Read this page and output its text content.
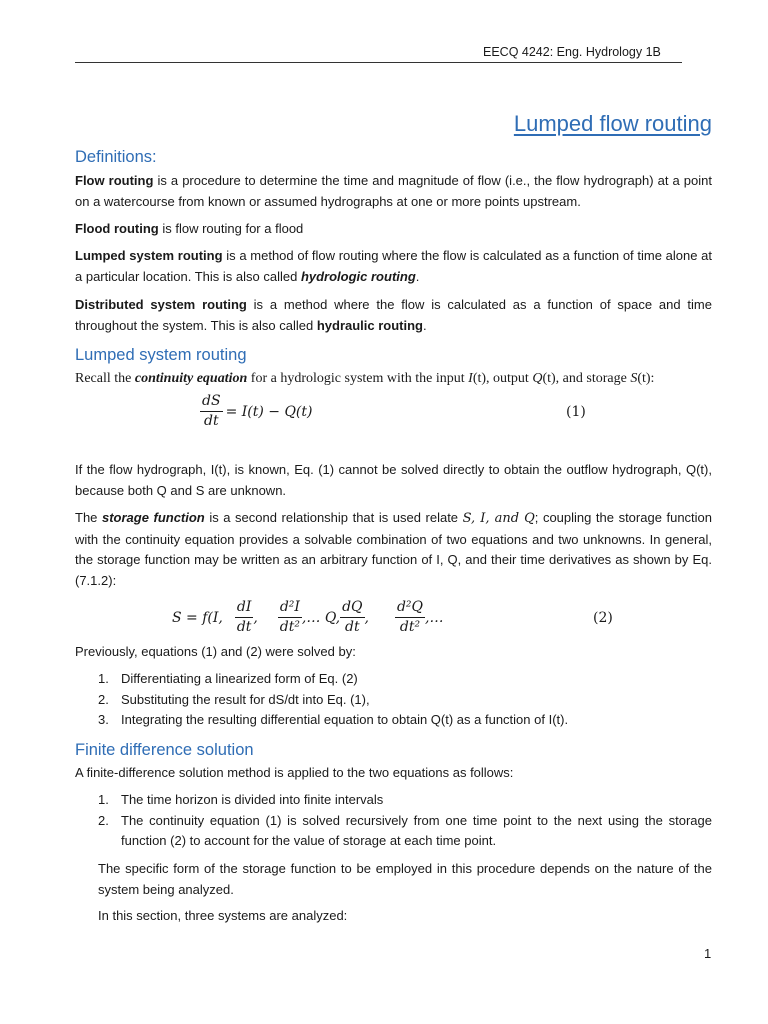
EECQ 4242: Eng. Hydrology 1B
Lumped flow routing
Definitions:
Flow routing is a procedure to determine the time and magnitude of flow (i.e., the flow hydrograph) at a point on a watercourse from known or assumed hydrographs at one or more points upstream.
Flood routing is flow routing for a flood
Lumped system routing is a method of flow routing where the flow is calculated as a function of time alone at a particular location. This is also called hydrologic routing.
Distributed system routing is a method where the flow is calculated as a function of space and time throughout the system. This is also called hydraulic routing.
Lumped system routing
Recall the continuity equation for a hydrologic system with the input I(t), output Q(t), and storage S(t):
$\frac{dS}{dt} = I(t) - Q(t)$	(1)
If the flow hydrograph, I(t), is known, Eq. (1) cannot be solved directly to obtain the outflow hydrograph, Q(t), because both Q and S are unknown.
The storage function is a second relationship that is used relate S, I, and Q; coupling the storage function with the continuity equation provides a solvable combination of two equations and two unknowns. In general, the storage function may be written as an arbitrary function of I, Q, and their time derivatives as shown by Eq. (7.1.2):
S = f(I, $\frac{dI}{dt}$ , $\frac{\text{d²I}}{\text{dt²}}$ ,… Q, $\frac{dQ}{dt}$ , $\frac{\text{d²Q}}{\text{dt²}}$ ,…	(2)
Previously, equations (1) and (2) were solved by:
1. Differentiating a linearized form of Eq. (2)
2. Substituting the result for dS/dt into Eq. (1),
3. Integrating the resulting differential equation to obtain Q(t) as a function of I(t).
Finite difference solution
A finite-difference solution method is applied to the two equations as follows:
1. The time horizon is divided into finite intervals
2. The continuity equation (1) is solved recursively from one time point to the next using the storage function (2) to account for the value of storage at each time point.
The specific form of the storage function to be employed in this procedure depends on the nature of the system being analyzed.
In this section, three systems are analyzed:
1
